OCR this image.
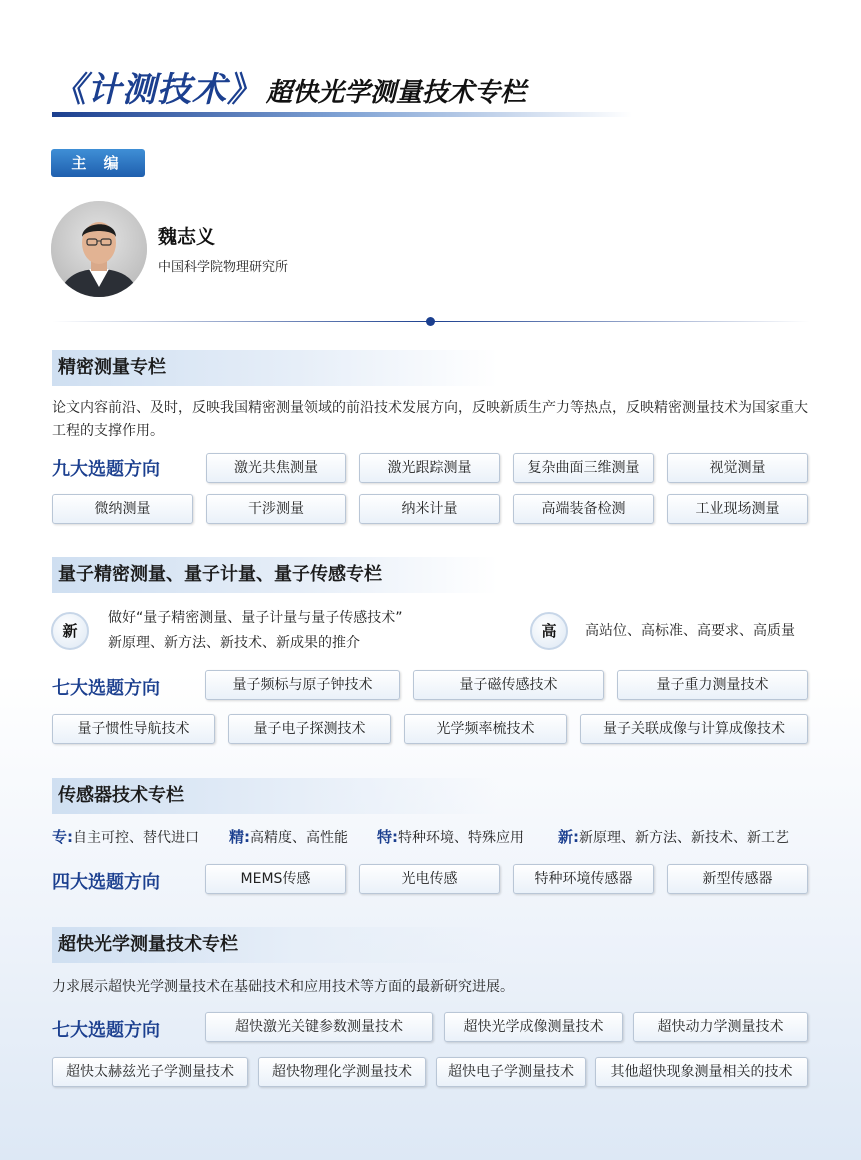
《计测技术》 超快光学测量技术专栏
主 编
魏志义
中国科学院物理研究所
精密测量专栏
论文内容前沿、及时，反映我国精密测量领域的前沿技术发展方向，反映新质生产力等热点，反映精密测量技术为国家重大工程的支撑作用。
九大选题方向	激光共焦测量	激光跟踪测量	复杂曲面三维测量	视觉测量
微纳测量	干涉测量	纳米计量	高端装备检测	工业现场测量
量子精密测量、量子计量、量子传感专栏
新
做好“量子精密测量、量子计量与量子传感技术”
新原理、新方法、新技术、新成果的推介
高	高站位、高标准、高要求、高质量
七大选题方向	量子频标与原子钟技术	量子磁传感技术	量子重力测量技术
量子惯性导航技术	量子电子探测技术	光学频率梳技术	量子关联成像与计算成像技术
传感器技术专栏
专:自主可控、替代进口 精:高精度、高性能 特:特种环境、特殊应用 新:新原理、新方法、新技术、新工艺
四大选题方向	MEMS传感	光电传感	特种环境传感器	新型传感器
超快光学测量技术专栏
力求展示超快光学测量技术在基础技术和应用技术等方面的最新研究进展。
七大选题方向	超快激光关键参数测量技术	超快光学成像测量技术	超快动力学测量技术
超快太赫兹光子学测量技术	超快物理化学测量技术	超快电子学测量技术	其他超快现象测量相关的技术
